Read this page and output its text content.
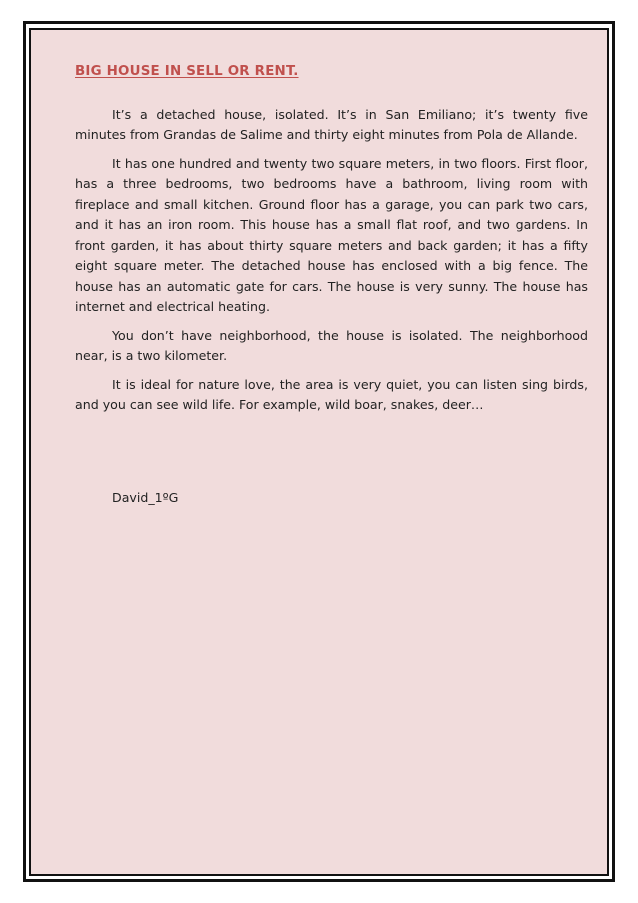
BIG HOUSE IN SELL OR RENT.

It’s a detached house, isolated. It’s in San Emiliano; it’s twenty five minutes from Grandas de Salime and thirty eight minutes from Pola de Allande.

It has one hundred and twenty two square meters, in two floors. First floor, has a three bedrooms, two bedrooms have a bathroom, living room with fireplace and small kitchen. Ground floor has a garage, you can park two cars, and it has an iron room. This house has a small flat roof, and two gardens. In front garden, it has about thirty square meters and back garden; it has a fifty eight square meter. The detached house has enclosed with a big fence. The house has an automatic gate for cars. The house is very sunny. The house has internet and electrical heating.

You don’t have neighborhood, the house is isolated. The neighborhood near, is a two kilometer.

It is ideal for nature love, the area is very quiet, you can listen sing birds, and you can see wild life. For example, wild boar, snakes, deer…

David_1ºG
